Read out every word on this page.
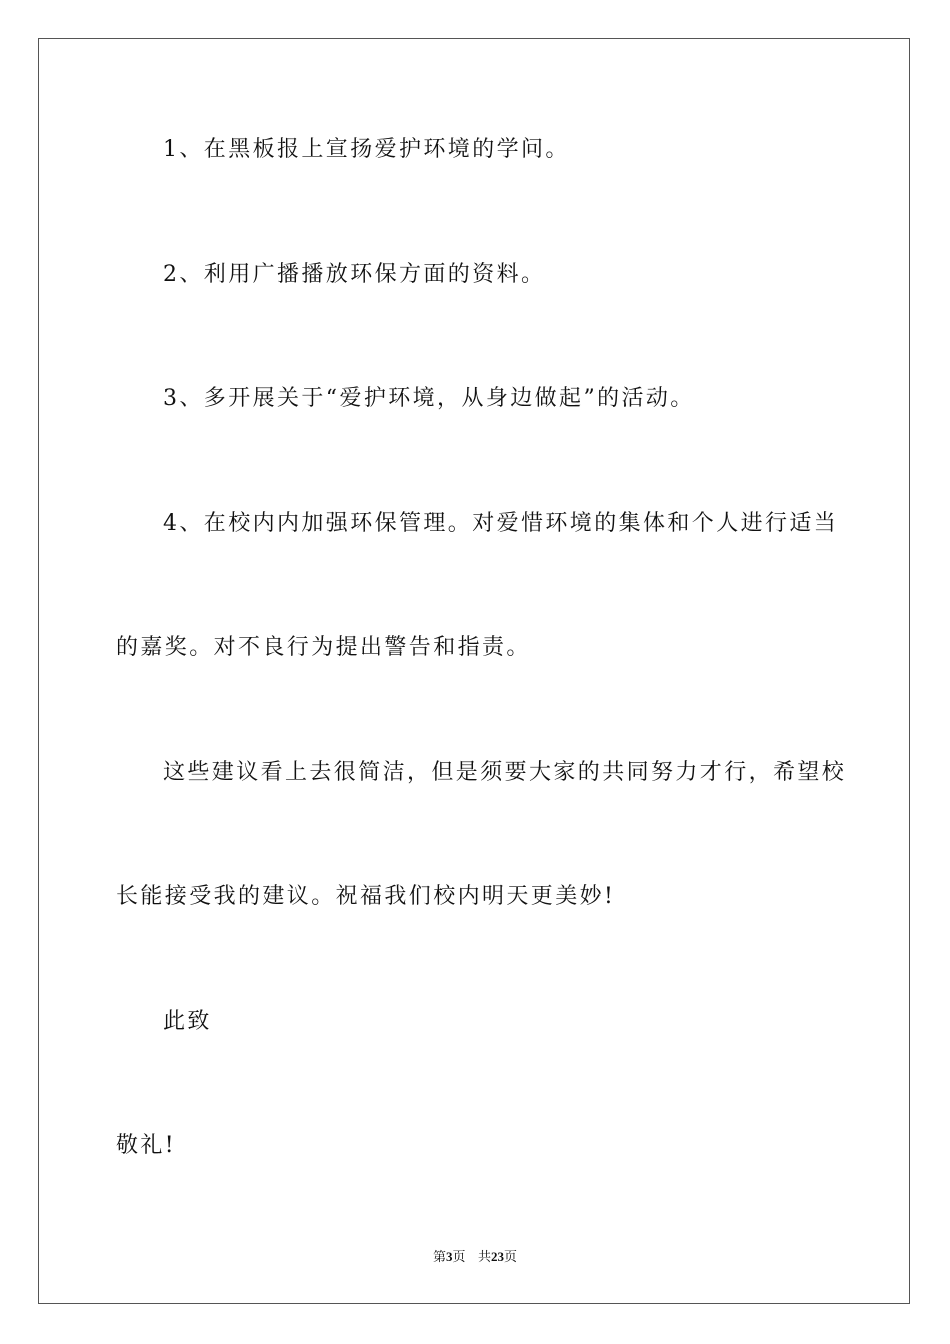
1、在黑板报上宣扬爱护环境的学问。
2、利用广播播放环保方面的资料。
3、多开展关于“爱护环境，从身边做起”的活动。
4、在校内内加强环保管理。对爱惜环境的集体和个人进行适当
的嘉奖。对不良行为提出警告和指责。
这些建议看上去很简洁，但是须要大家的共同努力才行，希望校
长能接受我的建议。祝福我们校内明天更美妙!
此致
敬礼!
第3页 共23页
